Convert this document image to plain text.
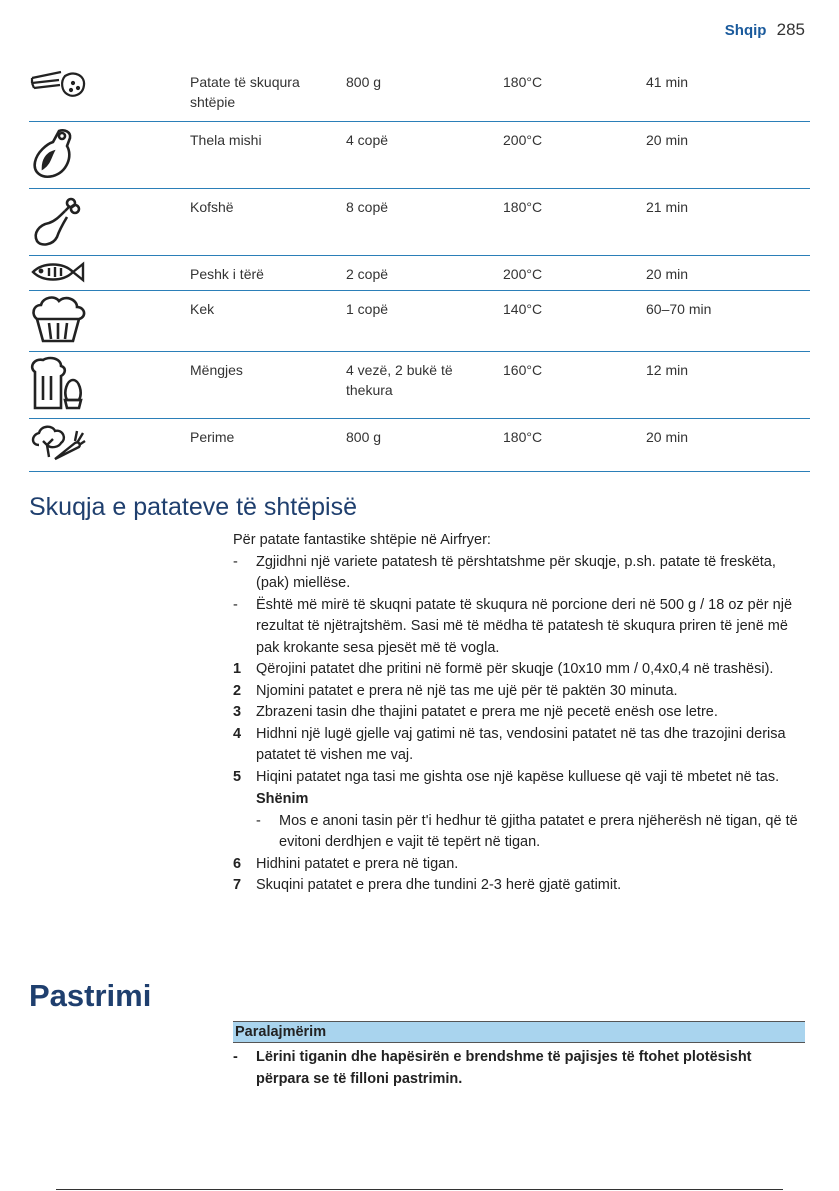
Shqip 285
	Patate të skuqura shtëpie	800 g	180°C	41 min
	Thela mishi	4 copë	200°C	20 min
	Kofshë	8 copë	180°C	21 min
	Peshk i tërë	2 copë	200°C	20 min
	Kek	1 copë	140°C	60–70 min
	Mëngjes	4 vezë, 2 bukë të thekura	160°C	12 min
	Perime	800 g	180°C	20 min
Skuqja e patateve të shtëpisë
Për patate fantastike shtëpie në Airfryer:
-	Zgjidhni një variete patatesh të përshtatshme për skuqje, p.sh. patate të freskëta, (pak) miellëse.
-	Është më mirë të skuqni patate të skuqura në porcione deri në 500 g / 18 oz për një rezultat të njëtrajtshëm. Sasi më të mëdha të patatesh të skuqura priren të jenë më pak krokante sesa pjesët më të vogla.
1	Qërojini patatet dhe pritini në formë për skuqje (10x10 mm / 0,4x0,4 në trashësi).
2	Njomini patatet e prera në një tas me ujë për të paktën 30 minuta.
3	Zbrazeni tasin dhe thajini patatet e prera me një pecetë enësh ose letre.
4	Hidhni një lugë gjelle vaj gatimi në tas, vendosini patatet në tas dhe trazojini derisa patatet të vishen me vaj.
5	Hiqini patatet nga tasi me gishta ose një kapëse kulluese që vaji të mbetet në tas.
Shënim
-	Mos e anoni tasin për t'i hedhur të gjitha patatet e prera njëherësh në tigan, që të evitoni derdhjen e vajit të tepërt në tigan.
6	Hidhini patatet e prera në tigan.
7	Skuqini patatet e prera dhe tundini 2-3 herë gjatë gatimit.
Pastrimi
Paralajmërim
-	Lërini tiganin dhe hapësirën e brendshme të pajisjes të ftohet plotësisht përpara se të filloni pastrimin.
